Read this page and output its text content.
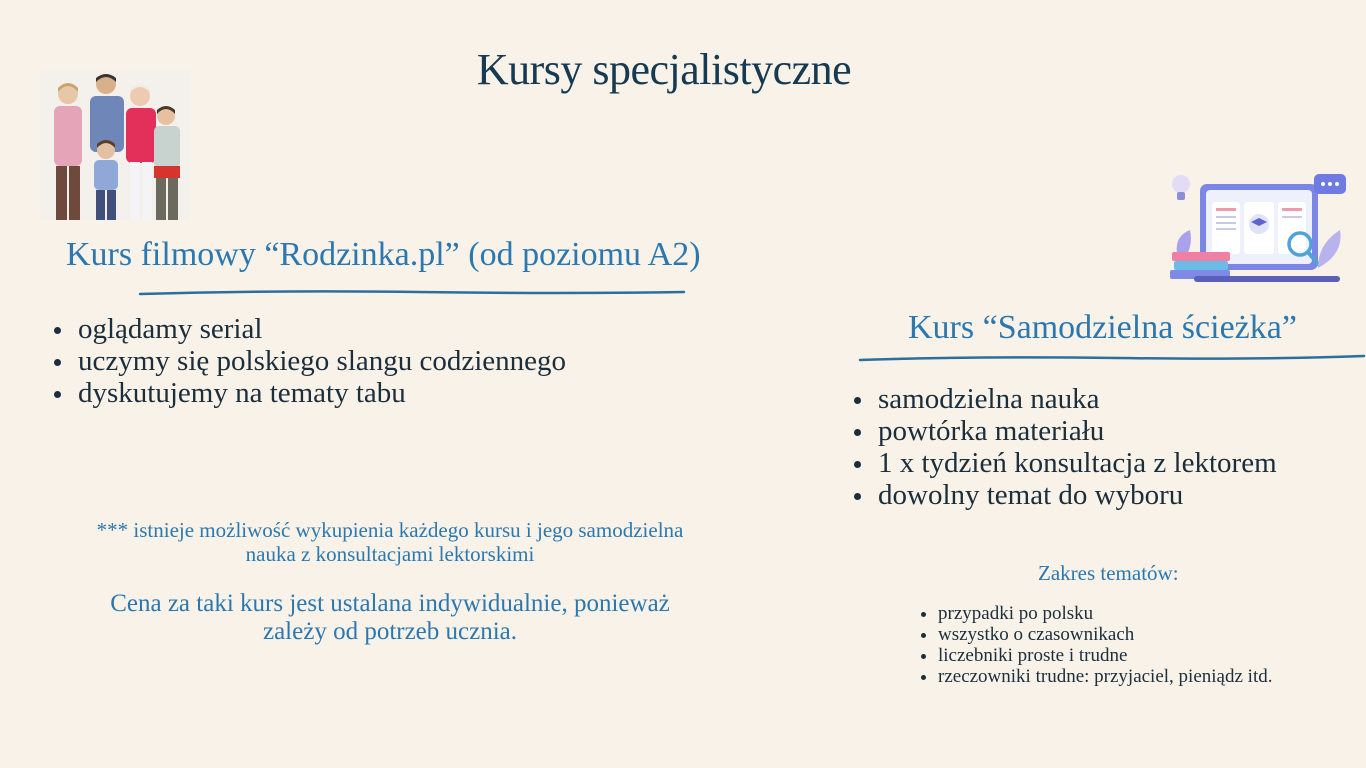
Kursy specjalistyczne
Kurs filmowy “Rodzinka.pl” (od poziomu A2)
oglądamy serial
uczymy się polskiego slangu codziennego
dyskutujemy na tematy tabu
*** istnieje możliwość wykupienia każdego kursu i jego samodzielna nauka z konsultacjami lektorskimi
Cena za taki kurs jest ustalana indywidualnie, ponieważ zależy od potrzeb ucznia.
Kurs “Samodzielna ścieżka”
samodzielna nauka
powtórka materiału
1 x tydzień konsultacja z lektorem
dowolny temat do wyboru
Zakres tematów:
przypadki po polsku
wszystko o czasownikach
liczebniki proste i trudne
rzeczowniki trudne: przyjaciel, pieniądz itd.
